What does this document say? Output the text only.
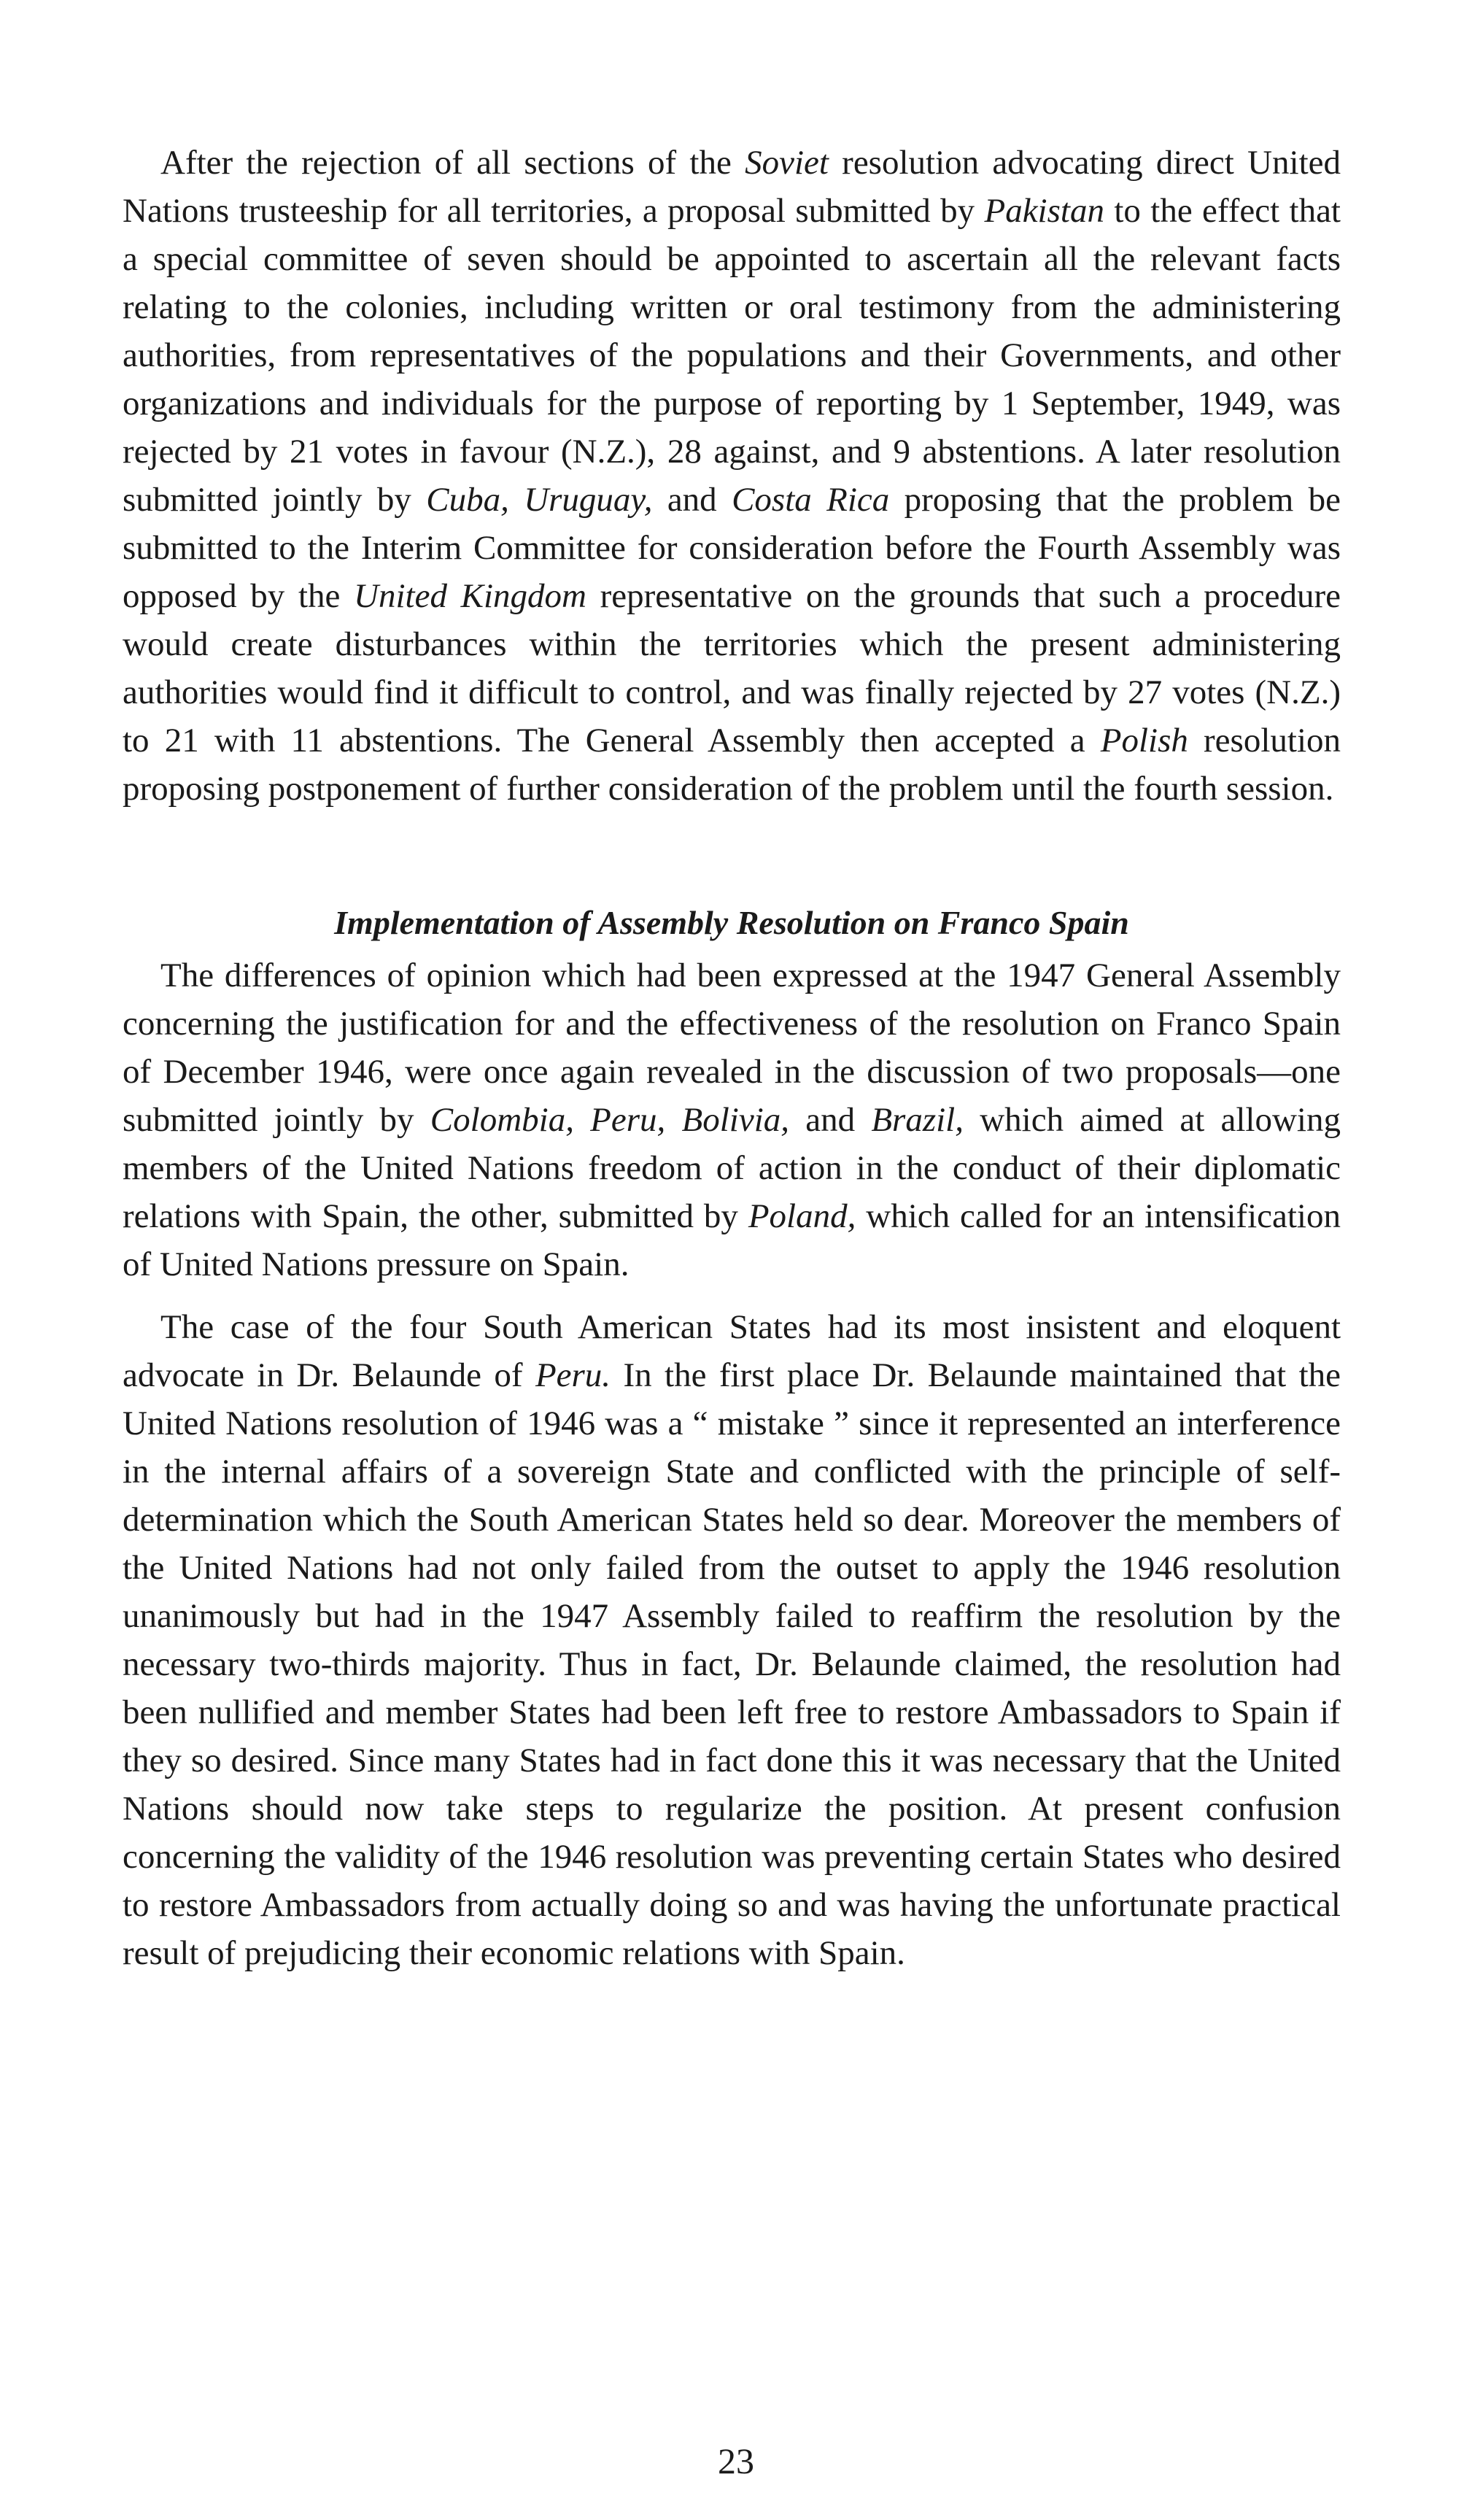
After the rejection of all sections of the Soviet resolution advocating direct United Nations trusteeship for all territories, a proposal submitted by Pakistan to the effect that a special committee of seven should be appointed to ascertain all the relevant facts relating to the colonies, including written or oral testimony from the administering authorities, from representatives of the populations and their Governments, and other organizations and individuals for the purpose of reporting by 1 September, 1949, was rejected by 21 votes in favour (N.Z.), 28 against, and 9 abstentions. A later resolution submitted jointly by Cuba, Uruguay, and Costa Rica proposing that the problem be submitted to the Interim Committee for consideration before the Fourth Assembly was opposed by the United Kingdom representative on the grounds that such a procedure would create disturbances within the territories which the present administering authorities would find it difficult to control, and was finally rejected by 27 votes (N.Z.) to 21 with 11 abstentions. The General Assembly then accepted a Polish resolution proposing postponement of further consideration of the problem until the fourth session.

Implementation of Assembly Resolution on Franco Spain

The differences of opinion which had been expressed at the 1947 General Assembly concerning the justification for and the effectiveness of the resolution on Franco Spain of December 1946, were once again revealed in the discussion of two proposals—one submitted jointly by Colombia, Peru, Bolivia, and Brazil, which aimed at allowing members of the United Nations freedom of action in the conduct of their diplomatic relations with Spain, the other, submitted by Poland, which called for an intensification of United Nations pressure on Spain.

The case of the four South American States had its most insistent and eloquent advocate in Dr. Belaunde of Peru. In the first place Dr. Belaunde maintained that the United Nations resolution of 1946 was a “ mistake ” since it represented an interference in the internal affairs of a sovereign State and conflicted with the principle of self-determination which the South American States held so dear. Moreover the members of the United Nations had not only failed from the outset to apply the 1946 resolution unanimously but had in the 1947 Assembly failed to reaffirm the resolution by the necessary two-thirds majority. Thus in fact, Dr. Belaunde claimed, the resolution had been nullified and member States had been left free to restore Ambassadors to Spain if they so desired. Since many States had in fact done this it was necessary that the United Nations should now take steps to regularize the position. At present confusion concerning the validity of the 1946 resolution was preventing certain States who desired to restore Ambassadors from actually doing so and was having the unfortunate practical result of prejudicing their economic relations with Spain.

23
